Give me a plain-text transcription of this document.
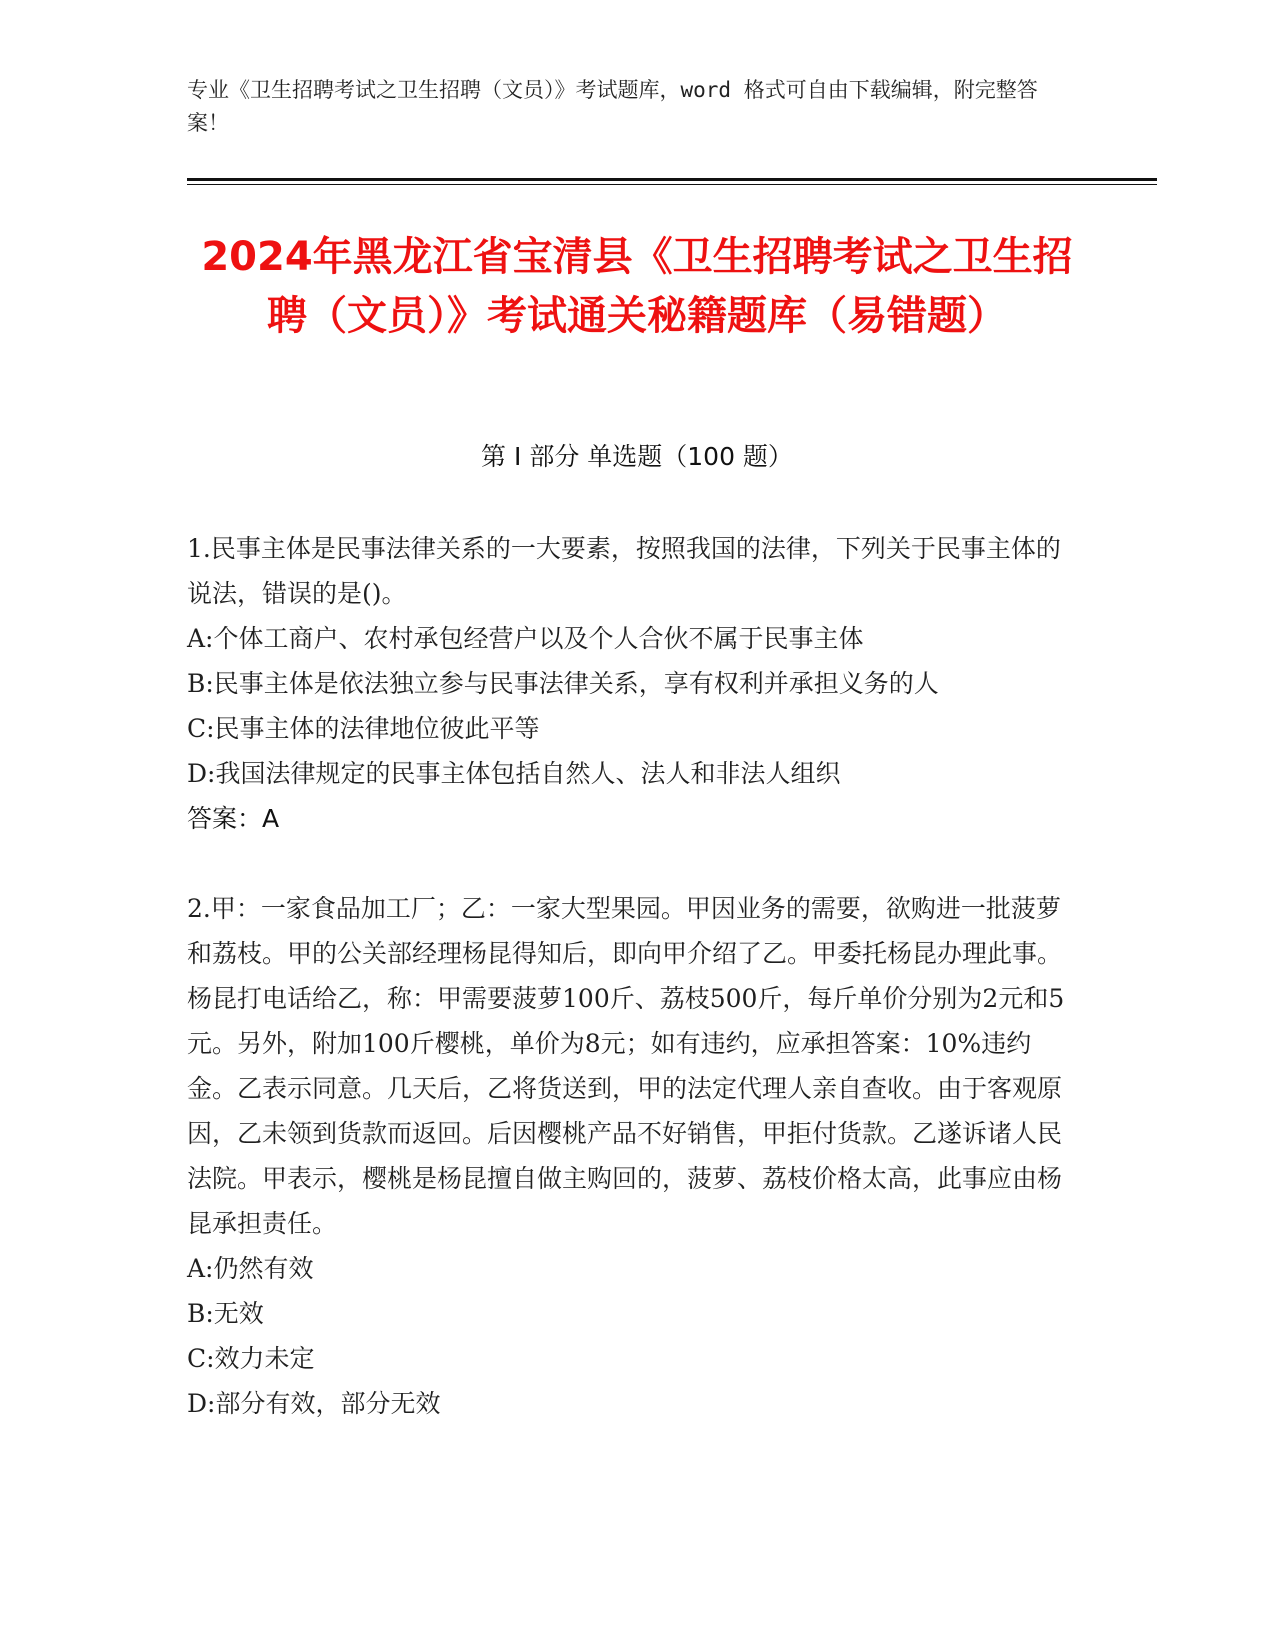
专业《卫生招聘考试之卫生招聘（文员）》考试题库，word 格式可自由下载编辑，附完整答案！
2024年黑龙江省宝清县《卫生招聘考试之卫生招聘（文员）》考试通关秘籍题库（易错题）
第 I 部分 单选题（100 题）

1.民事主体是民事法律关系的一大要素，按照我国的法律，下列关于民事主体的说法，错误的是()。

A:个体工商户、农村承包经营户以及个人合伙不属于民事主体

B:民事主体是依法独立参与民事法律关系，享有权利并承担义务的人

C:民事主体的法律地位彼此平等

D:我国法律规定的民事主体包括自然人、法人和非法人组织

答案：A

2.甲：一家食品加工厂；乙：一家大型果园。甲因业务的需要，欲购进一批菠萝和荔枝。甲的公关部经理杨昆得知后，即向甲介绍了乙。甲委托杨昆办理此事。杨昆打电话给乙，称：甲需要菠萝100斤、荔枝500斤，每斤单价分别为2元和5元。另外，附加100斤樱桃，单价为8元；如有违约，应承担答案：10%违约金。乙表示同意。几天后，乙将货送到，甲的法定代理人亲自查收。由于客观原因，乙未领到货款而返回。后因樱桃产品不好销售，甲拒付货款。乙遂诉诸人民法院。甲表示，樱桃是杨昆擅自做主购回的，菠萝、荔枝价格太高，此事应由杨昆承担责任。

A:仍然有效

B:无效

C:效力未定

D:部分有效，部分无效
